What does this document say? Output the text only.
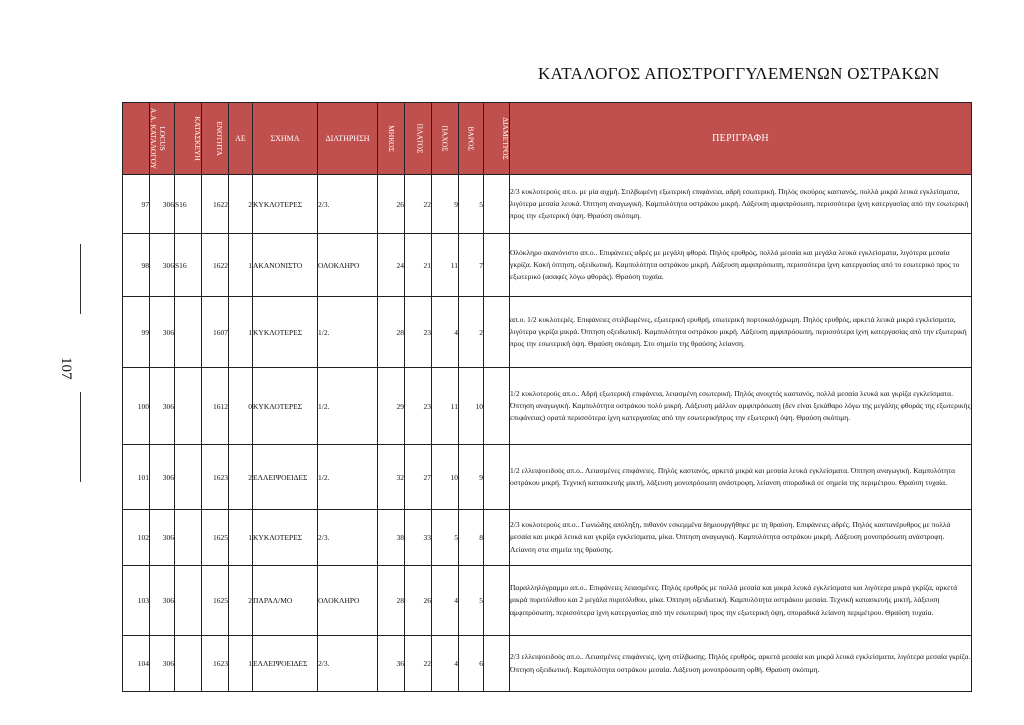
ΚΑΤΑΛΟΓΟΣ ΑΠΟΣΤΡΟΓΓΥΛΕΜΕΝΩΝ ΟΣΤΡΑΚΩΝ
107
Α.Α. ΚΑΤΑΛΟΓΟΥ	LOCUS	ΚΑΤΑΣΚΕΥΗ	ΕΝΟΤΗΤΑ	ΑΕ	ΣΧΗΜΑ	ΔΙΑΤΗΡΗΣΗ	ΜΗΚΟΣ	ΠΛΑΤΟΣ	ΠΑΧΟΣ	ΒΑΡΟΣ	ΔΙΑΜΕΤΡΟΣ	ΠΕΡΙΓΡΑΦΗ
97	306	S16	1622	2	ΚΥΚΛΟΤΕΡΕΣ	2/3.	26	22	9	5		2/3 κυκλοτερούς απ.ο. με μία αιχμή. Στιλβωμένη εξωτερική επιφάνεια, αδρή εσωτερική. Πηλός σκούρος καστανός, πολλά μικρά λευκά εγκλείσματα, λιγότερα μεσαία λευκά. Όπτηση αναγωγική. Καμπυλότητα οστράκου μικρή. Λάξευση αμφιπρόσωπη, περισσότερα ίχνη κατεργασίας από την εσωτερική προς την εξωτερική όψη. Θραύση σκόπιμη.
98	306	S16	1622	1	ΑΚΑΝΟΝΙΣΤΟ	ΟΛΟΚΛΗΡΟ	24	21	11	7		Ολόκληρο ακανόνιστο απ.ο.. Επιφάνειες αδρές με μεγάλη φθορά. Πηλός ερυθρός, πολλά μεσαία και μεγάλα λευκά εγκλείσματα, λιγότερα μεσαία γκρίζα. Κακή όπτηση, οξειδωτική. Καμπυλότητα οστράκου μικρή. Λάξευση αμφιπρόσωπη, περισσότερα ίχνη κατεργασίας από το εσωτερικό προς το εξωτερικό (ασαφές λόγω φθοράς). Θραύση τυχαία.
99	306		1607	1	ΚΥΚΛΟΤΕΡΕΣ	1/2.	28	23	4	2		απ.ο. 1/2 κυκλοτερές. Επιφάνειες στιλβωμένες, εξωτερική ερυθρή, εσωτερική πορτοκαλόχρωμη. Πηλός ερυθρός, αρκετά λευκά μικρά εγκλείσματα, λιγότερα γκρίζα μικρά. Όπτηση οξειδωτική. Καμπυλότητα οστράκου μικρή. Λάξευση αμφιπρόσωπη, περισσότερα ίχνη κατεργασίας από την εξωτερική προς την εσωτερική όψη. Θραύση σκόπιμη. Στο σημείο της θραύσης λείανση.
100	306		1612	0	ΚΥΚΛΟΤΕΡΕΣ	1/2.	29	23	11	10		1/2 κυκλοτερούς απ.ο.. Αδρή εξωτερική επιφάνεια, λειασμένη εσωτερική. Πηλός ανοιχτός καστανός, πολλά μεσαία λευκά και γκρίζα εγκλείσματα. Όπτηση αναγωγική. Καμπυλότητα οστράκου πολύ μικρή. Λάξευση μάλλον αμφιπρόσωπη (δεν είναι ξεκάθαρο λόγω της μεγάλης φθοράς της εξωτερικής επιφάνειας) ορατά περισσότερα ίχνη κατεργασίας από την εσωτερικήπρος την εξωτερική όψη. Θραύση σκόπιμη.
101	306		1623	2	ΕΛΛΕΙΨΟΕΙΔΕΣ	1/2.	32	27	10	9		1/2 ελλειψοειδούς απ.ο.. Λειασμένες επιφάνειες. Πηλός καστανός, αρκετά μικρά και μεσαία λευκά εγκλείσματα. Όπτηση αναγωγική. Καμπυλότητα οστράκου μικρή. Τεχνική κατασκευής μικτή, λάξευση μονοπρόσωπη ανάστροφη, λείανση σποραδικά σε σημεία της περιμέτρου. Θραύση τυχαία.
102	306		1625	1	ΚΥΚΛΟΤΕΡΕΣ	2/3.	38	33	5	8		2/3 κυκλοτερούς απ.ο.. Γωνιώδης απόληξη, πιθανόν εσκεμμένα δημιουργήθηκε με τη θραύση. Επιφάνειες αδρές. Πηλός καστανέρυθρος με πολλά μεσαία και μικρά λευκά και γκρίζα εγκλείσματα, μίκα. Όπτηση αναγωγική. Καμπυλότητα οστράκου μικρή. Λάξευση μονοπρόσωπη ανάστροφη. Λείανση στα σημεία της θραύσης.
103	306		1625	2	ΠΑΡΑΛ/ΜΟ	ΟΛΟΚΛΗΡΟ	28	26	4	5		Παραλληλόγραμμο απ.ο.. Επιφάνειες λειασμένες. Πηλός ερυθρός με πολλά μεσαία και μικρά λευκά εγκλείσματα και λιγότερα μικρά γκρίζα, αρκετά μικρά πυριτόλιθου και 2 μεγάλα πυριτόλιθου, μίκα. Όπτηση οξειδωτική. Καμπυλότητα οστράκου μεσαία. Τεχνική κατασκευής μικτή, λάξευση αμφιπρόσωπη, περισσότερα ίχνη κατεργασίας από την εσωτερική προς την εξωτερική όψη, σποραδικά λείανση περιμέτρου. Θραύση τυχαία.
104	306		1623	1	ΕΛΛΕΙΨΟΕΙΔΕΣ	2/3.	36	22	4	6		2/3 ελλειψοειδούς απ.ο.. Λειασμένες επιφάνειες, ίχνη στίλβωσης. Πηλός ερυθρός, αρκετά μεσαία και μικρά λευκά εγκλείσματα, λιγότερα μεσαία γκρίζα. Όπτηση οξειδωτική. Καμπυλότητα οστράκου μεσαία. Λάξευση μονοπρόσωπη ορθή. Θραύση σκόπιμη.
